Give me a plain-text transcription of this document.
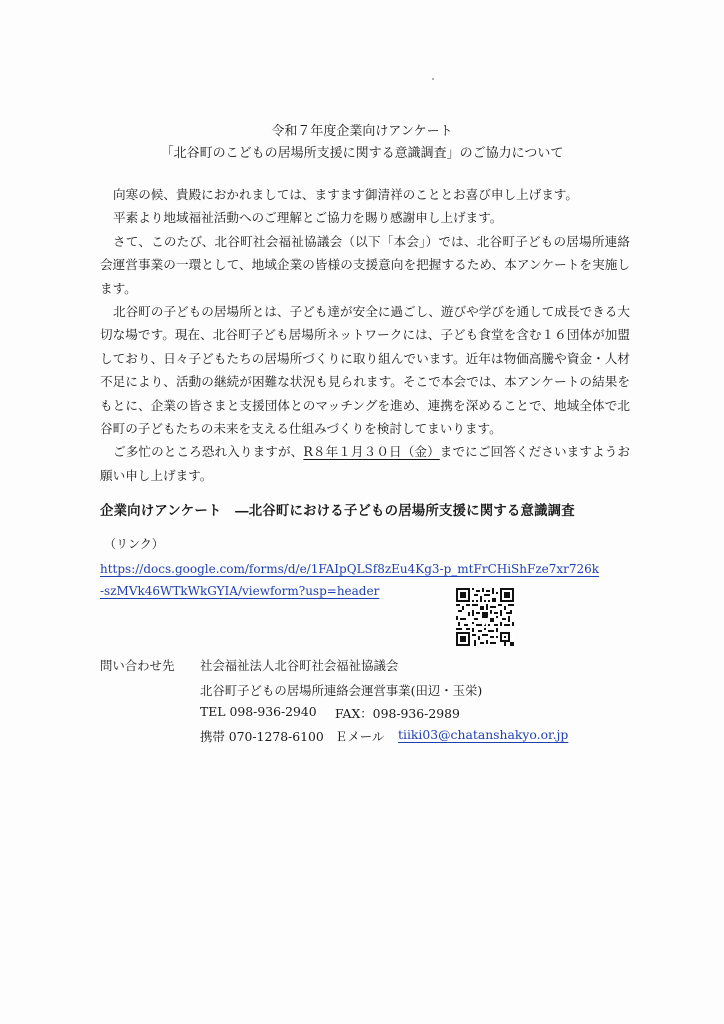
令和７年度企業向けアンケート
「北谷町のこどもの居場所支援に関する意識調査」のご協力について

向寒の候、貴殿におかれましては、ますます御清祥のこととお喜び申し上げます。

平素より地域福祉活動へのご理解とご協力を賜り感謝申し上げます。

さて、このたび、北谷町社会福祉協議会（以下「本会」）では、北谷町子どもの居場所連絡会運営事業の一環として、地域企業の皆様の支援意向を把握するため、本アンケートを実施します。

北谷町の子どもの居場所とは、子ども達が安全に過ごし、遊びや学びを通して成長できる大切な場です。現在、北谷町子ども居場所ネットワークには、子ども食堂を含む１６団体が加盟しており、日々子どもたちの居場所づくりに取り組んでいます。近年は物価高騰や資金・人材不足により、活動の継続が困難な状況も見られます。そこで本会では、本アンケートの結果をもとに、企業の皆さまと支援団体とのマッチングを進め、連携を深めることで、地域全体で北谷町の子どもたちの未来を支える仕組みづくりを検討してまいります。

ご多忙のところ恐れ入りますが、R８年１月３０日（金）までにご回答くださいますようお願い申し上げます。

企業向けアンケート　―北谷町における子どもの居場所支援に関する意識調査
（リンク）
https://docs.google.com/forms/d/e/1FAIpQLSf8zEu4Kg3-p_mtFrCHiShFze7xr726k-szMVk46WTkWkGYIA/viewform?usp=header
問い合わせ先 社会福祉法人北谷町社会福祉協議会
北谷町子どもの居場所連絡会運営事業(田辺・玉栄)
TEL 098-936-2940 FAX：098-936-2989
携帯 070-1278-6100 Ｅメール tiiki03@chatanshakyo.or.jp
